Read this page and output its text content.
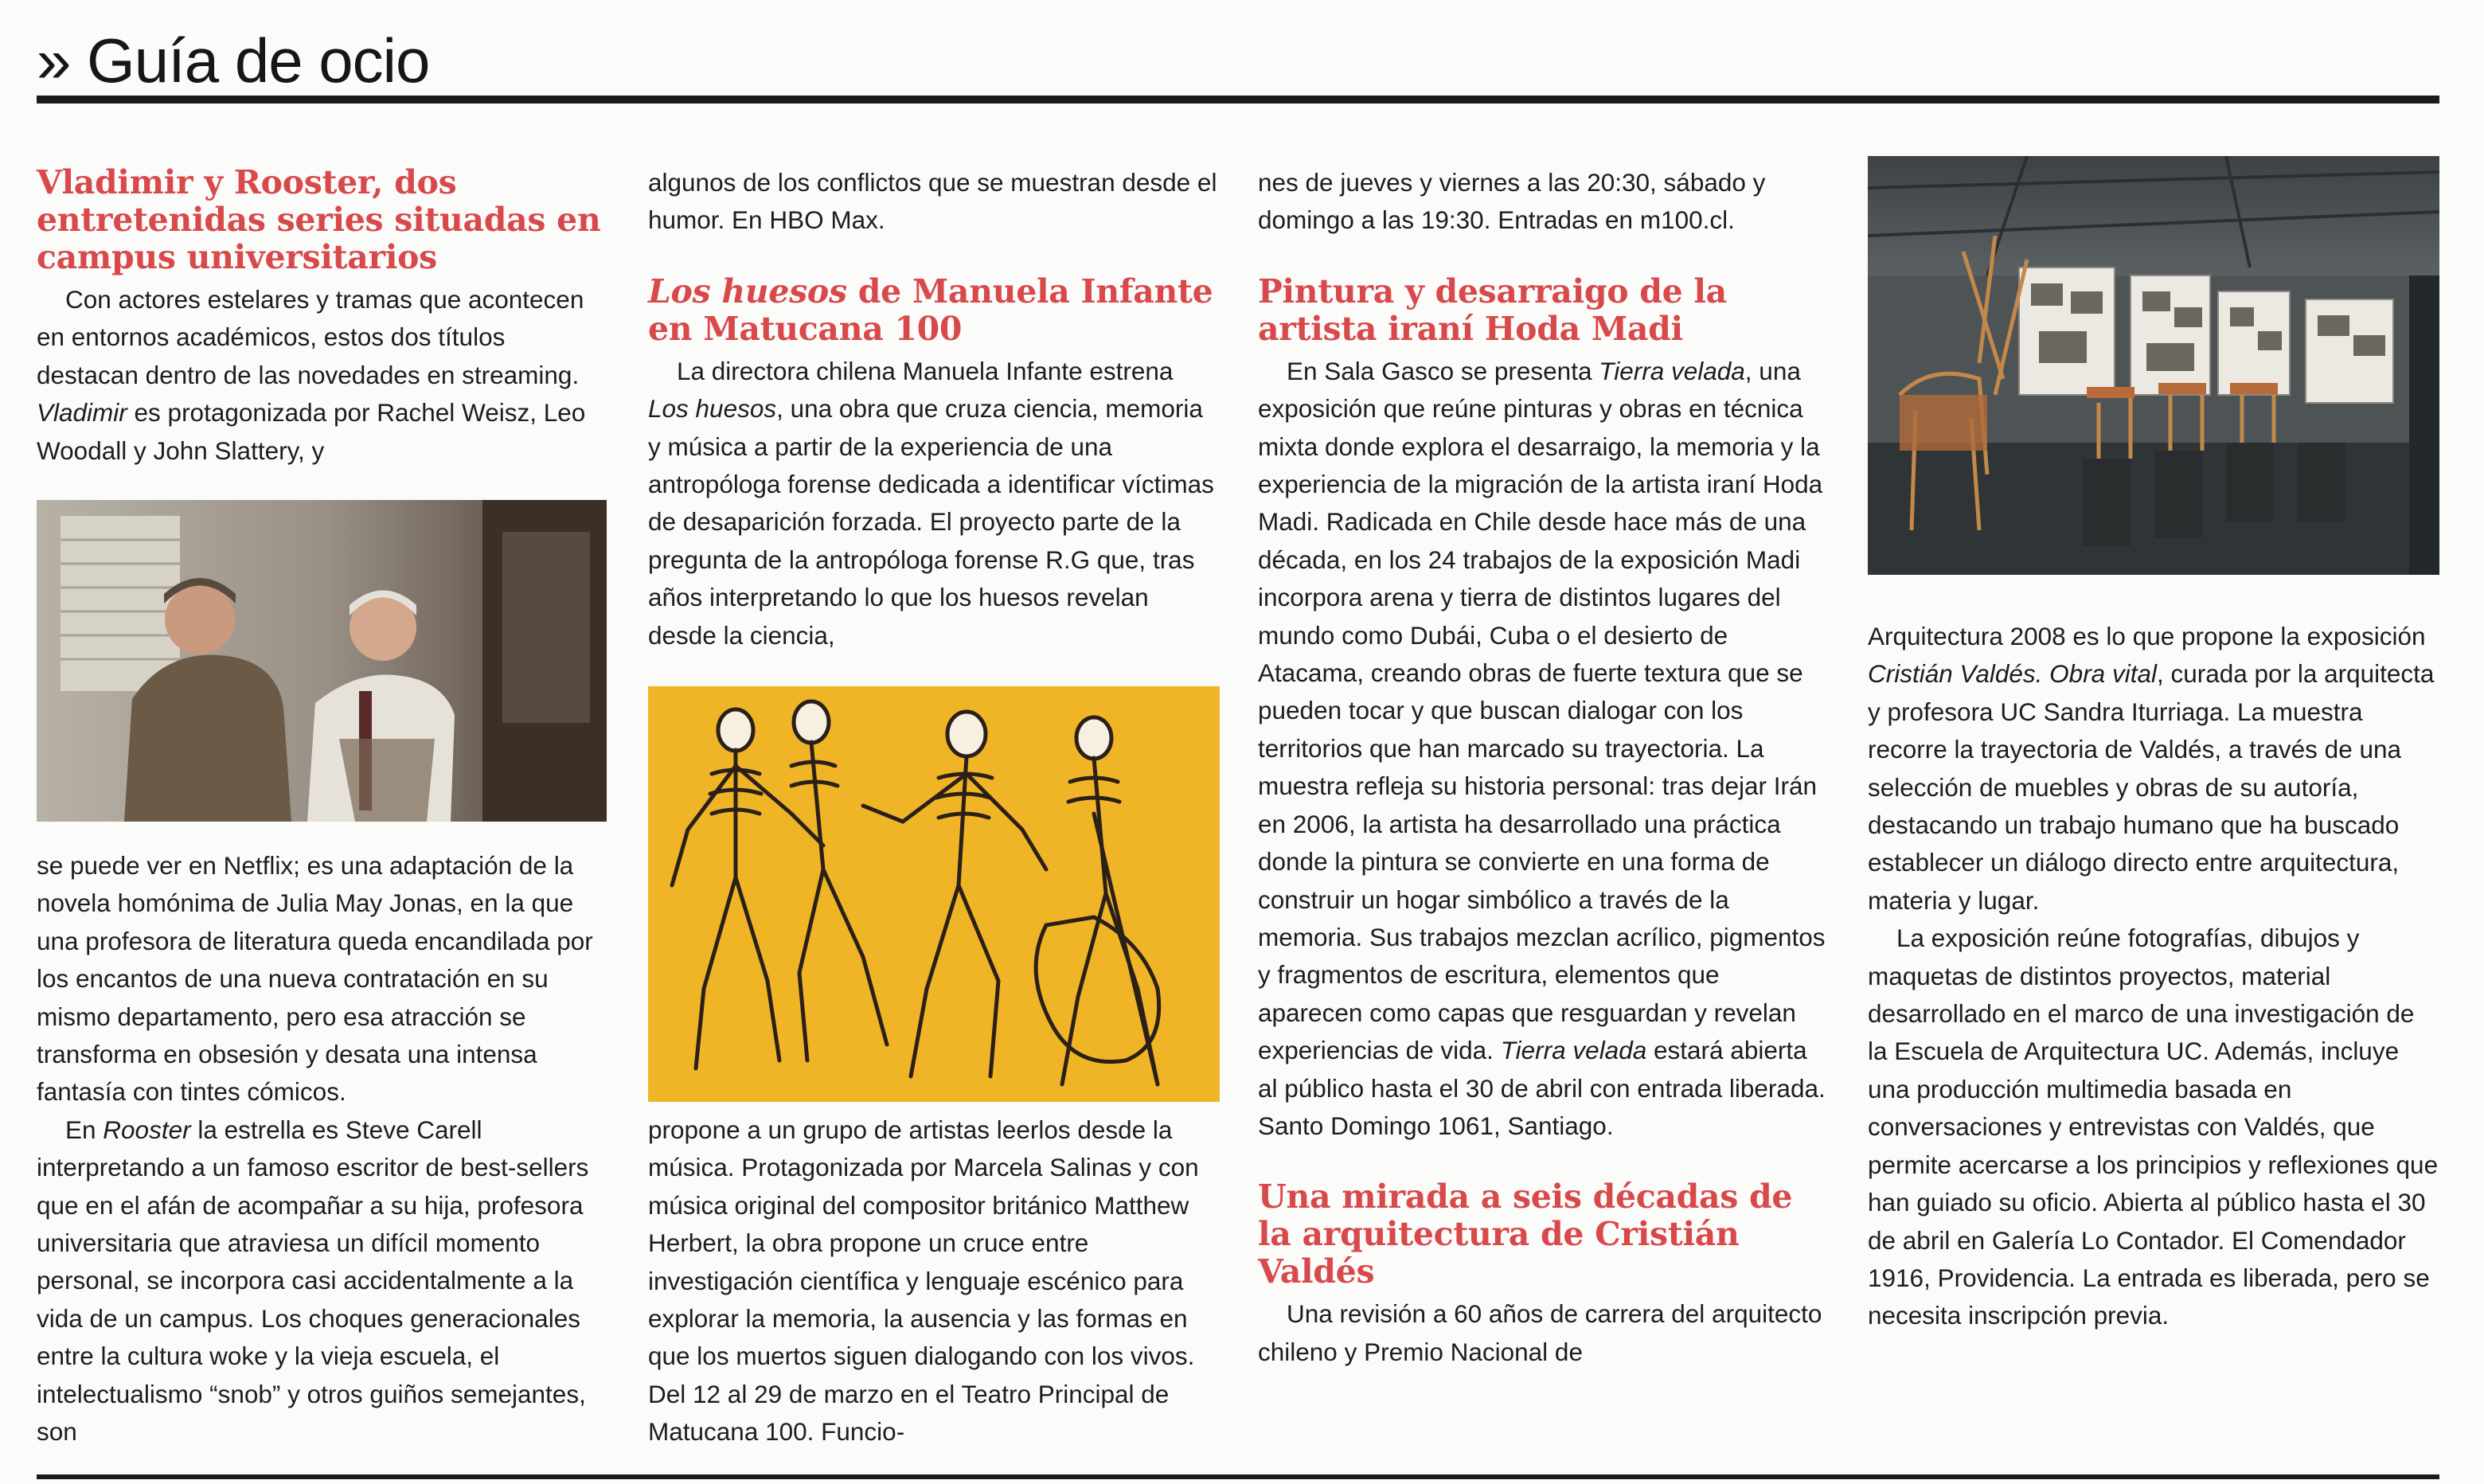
» Guía de ocio
Vladimir y Rooster, dos entretenidas series situadas en campus universitarios

Con actores estelares y tramas que acontecen en entornos académicos, estos dos títulos destacan dentro de las novedades en streaming. Vladimir es protagonizada por Rachel Weisz, Leo Woodall y John Slattery, y

se puede ver en Netflix; es una adaptación de la novela homónima de Julia May Jonas, en la que una profesora de literatura queda encandilada por los encantos de una nueva contratación en su mismo departamento, pero esa atracción se transforma en obsesión y desata una intensa fantasía con tintes cómicos.

En Rooster la estrella es Steve Carell interpretando a un famoso escritor de best-sellers que en el afán de acompañar a su hija, profesora universitaria que atraviesa un difícil momento personal, se incorpora casi accidentalmente a la vida de un campus. Los choques generacionales entre la cultura woke y la vieja escuela, el intelectualismo “snob” y otros guiños semejantes, son

algunos de los conflictos que se muestran desde el humor. En HBO Max.

Los huesos de Manuela Infante en Matucana 100

La directora chilena Manuela Infante estrena Los huesos, una obra que cruza ciencia, memoria y música a partir de la experiencia de una antropóloga forense dedicada a identificar víctimas de desaparición forzada. El proyecto parte de la pregunta de la antropóloga forense R.G que, tras años interpretando lo que los huesos revelan desde la ciencia,

propone a un grupo de artistas leerlos desde la música. Protagonizada por Marcela Salinas y con música original del compositor británico Matthew Herbert, la obra propone un cruce entre investigación científica y lenguaje escénico para explorar la memoria, la ausencia y las formas en que los muertos siguen dialogando con los vivos. Del 12 al 29 de marzo en el Teatro Principal de Matucana 100. Funcio-

nes de jueves y viernes a las 20:30, sábado y domingo a las 19:30. Entradas en m100.cl.

Pintura y desarraigo de la artista iraní Hoda Madi

En Sala Gasco se presenta Tierra velada, una exposición que reúne pinturas y obras en técnica mixta donde explora el desarraigo, la memoria y la experiencia de la migración de la artista iraní Hoda Madi. Radicada en Chile desde hace más de una década, en los 24 trabajos de la exposición Madi incorpora arena y tierra de distintos lugares del mundo como Dubái, Cuba o el desierto de Atacama, creando obras de fuerte textura que se pueden tocar y que buscan dialogar con los territorios que han marcado su trayectoria. La muestra refleja su historia personal: tras dejar Irán en 2006, la artista ha desarrollado una práctica donde la pintura se convierte en una forma de construir un hogar simbólico a través de la memoria. Sus trabajos mezclan acrílico, pigmentos y fragmentos de escritura, elementos que aparecen como capas que resguardan y revelan experiencias de vida. Tierra velada estará abierta al público hasta el 30 de abril con entrada liberada. Santo Domingo 1061, Santiago.

Una mirada a seis décadas de la arquitectura de Cristián Valdés

Una revisión a 60 años de carrera del arquitecto chileno y Premio Nacional de

Arquitectura 2008 es lo que propone la exposición Cristián Valdés. Obra vital, curada por la arquitecta y profesora UC Sandra Iturriaga. La muestra recorre la trayectoria de Valdés, a través de una selección de muebles y obras de su autoría, destacando un trabajo humano que ha buscado establecer un diálogo directo entre arquitectura, materia y lugar.

La exposición reúne fotografías, dibujos y maquetas de distintos proyectos, material desarrollado en el marco de una investigación de la Escuela de Arquitectura UC. Además, incluye una producción multimedia basada en conversaciones y entrevistas con Valdés, que permite acercarse a los principios y reflexiones que han guiado su oficio. Abierta al público hasta el 30 de abril en Galería Lo Contador. El Comendador 1916, Providencia. La entrada es liberada, pero se necesita inscripción previa.
